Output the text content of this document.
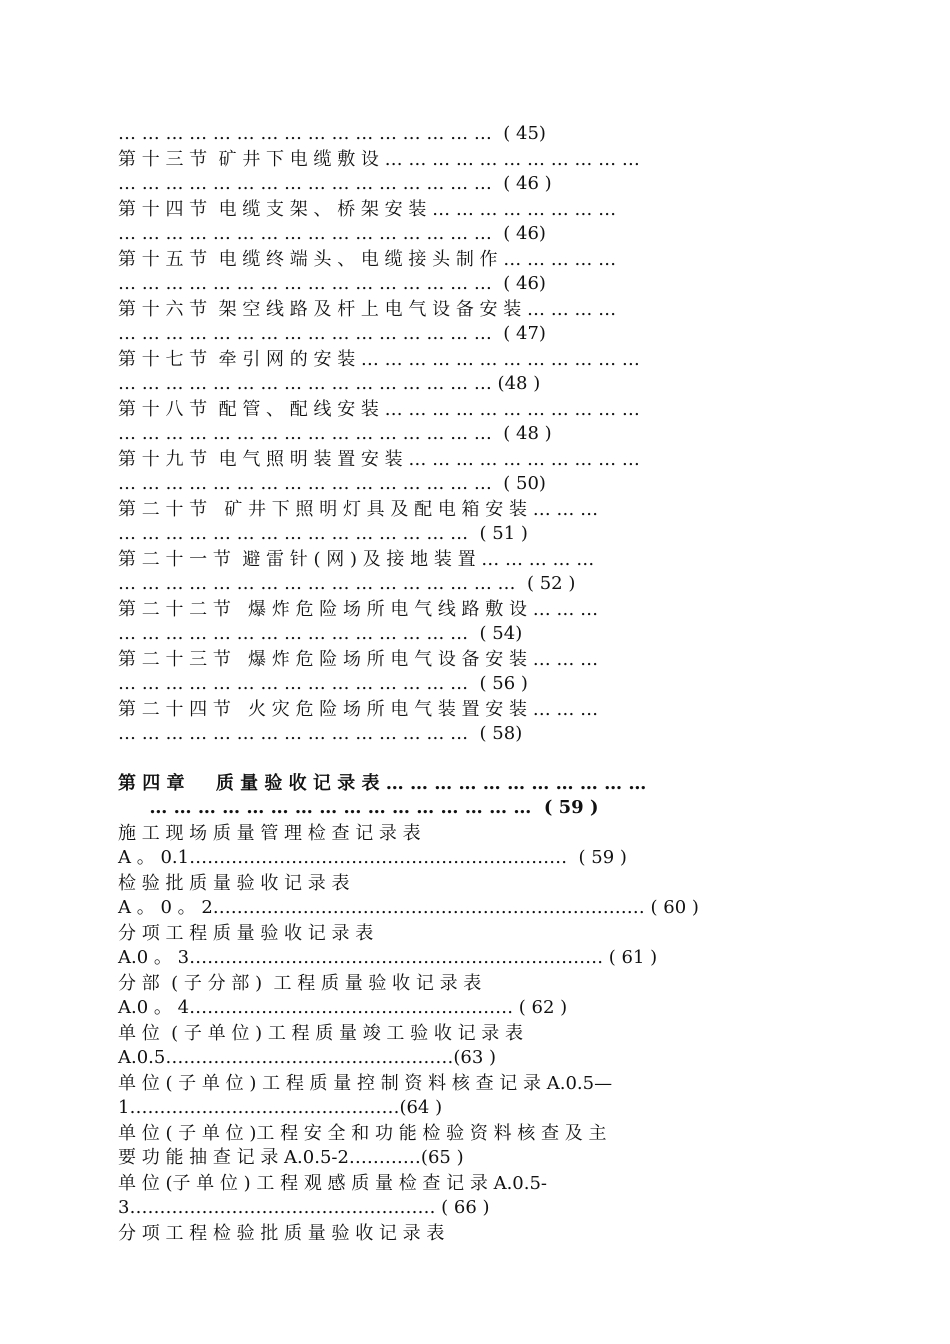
… … … … … … … … … … … … … … … …  ( 45)
第 十 三 节  矿 井 下 电 缆 敷 设 … … … … … … … … … … …
… … … … … … … … … … … … … … … …  ( 46 )
第 十 四 节  电 缆 支 架 、 桥 架 安 装 … … … … … … … …
… … … … … … … … … … … … … … … …  ( 46)
第 十 五 节  电 缆 终 端 头 、 电 缆 接 头 制 作 … … … … …
… … … … … … … … … … … … … … … …  ( 46)
第 十 六 节  架 空 线 路 及 杆 上 电 气 设 备 安 装 … … … …
… … … … … … … … … … … … … … … …  ( 47)
第 十 七 节  牵 引 网 的 安 装 … … … … … … … … … … … …
… … … … … … … … … … … … … … … … (48 )
第 十 八 节  配 管 、 配 线 安 装 … … … … … … … … … … …
… … … … … … … … … … … … … … … …  ( 48 )
第 十 九 节  电 气 照 明 装 置 安 装 … … … … … … … … … …
… … … … … … … … … … … … … … … …  ( 50)
第 二 十 节   矿 井 下 照 明 灯 具 及 配 电 箱 安 装 … … …
… … … … … … … … … … … … … … …  ( 51 )
第 二 十 一 节  避 雷 针 ( 网 ) 及 接 地 装 置 … … … … …
… … … … … … … … … … … … … … … … …  ( 52 )
第 二 十 二 节   爆 炸 危 险 场 所 电 气 线 路 敷 设 … … …
… … … … … … … … … … … … … … …  ( 54)
第 二 十 三 节   爆 炸 危 险 场 所 电 气 设 备 安 装 … … …
… … … … … … … … … … … … … … …  ( 56 )
第 二 十 四 节   火 灾 危 险 场 所 电 气 装 置 安 装 … … …
… … … … … … … … … … … … … … …  ( 58)
第 四 章     质 量 验 收 记 录 表 … … … … … … … … … … …
… … … … … … … … … … … … … … … …  ( 59 )
施 工 现 场 质 量 管 理 检 查 记 录 表
A 。 0.1………………………………………………………  ( 59 )
检 验 批 质 量 验 收 记 录 表
A 。 0 。 2……………………………………………………………… ( 60 )
分 项 工 程 质 量 验 收 记 录 表
A.0 。 3…………………………………………………………… ( 61 )
分 部  ( 子 分 部 )  工 程 质 量 验 收 记 录 表
A.0 。 4……………………………………………… ( 62 )
单 位  ( 子 单 位 ) 工 程 质 量 竣 工 验 收 记 录 表
A.0.5…………………………………………(63 )
单 位 ( 子 单 位 ) 工 程 质 量 控 制 资 料 核 查 记 录 A.0.5—
1………………………………………(64 )
单 位 ( 子 单 位 )工 程 安 全 和 功 能 检 验 资 料 核 查 及 主
要 功 能 抽 查 记 录 A.0.5-2…………(65 )
单 位 (子 单 位 ) 工 程 观 感 质 量 检 查 记 录 A.0.5-
3…………………………………………… ( 66 )
分 项 工 程 检 验 批 质 量 验 收 记 录 表
